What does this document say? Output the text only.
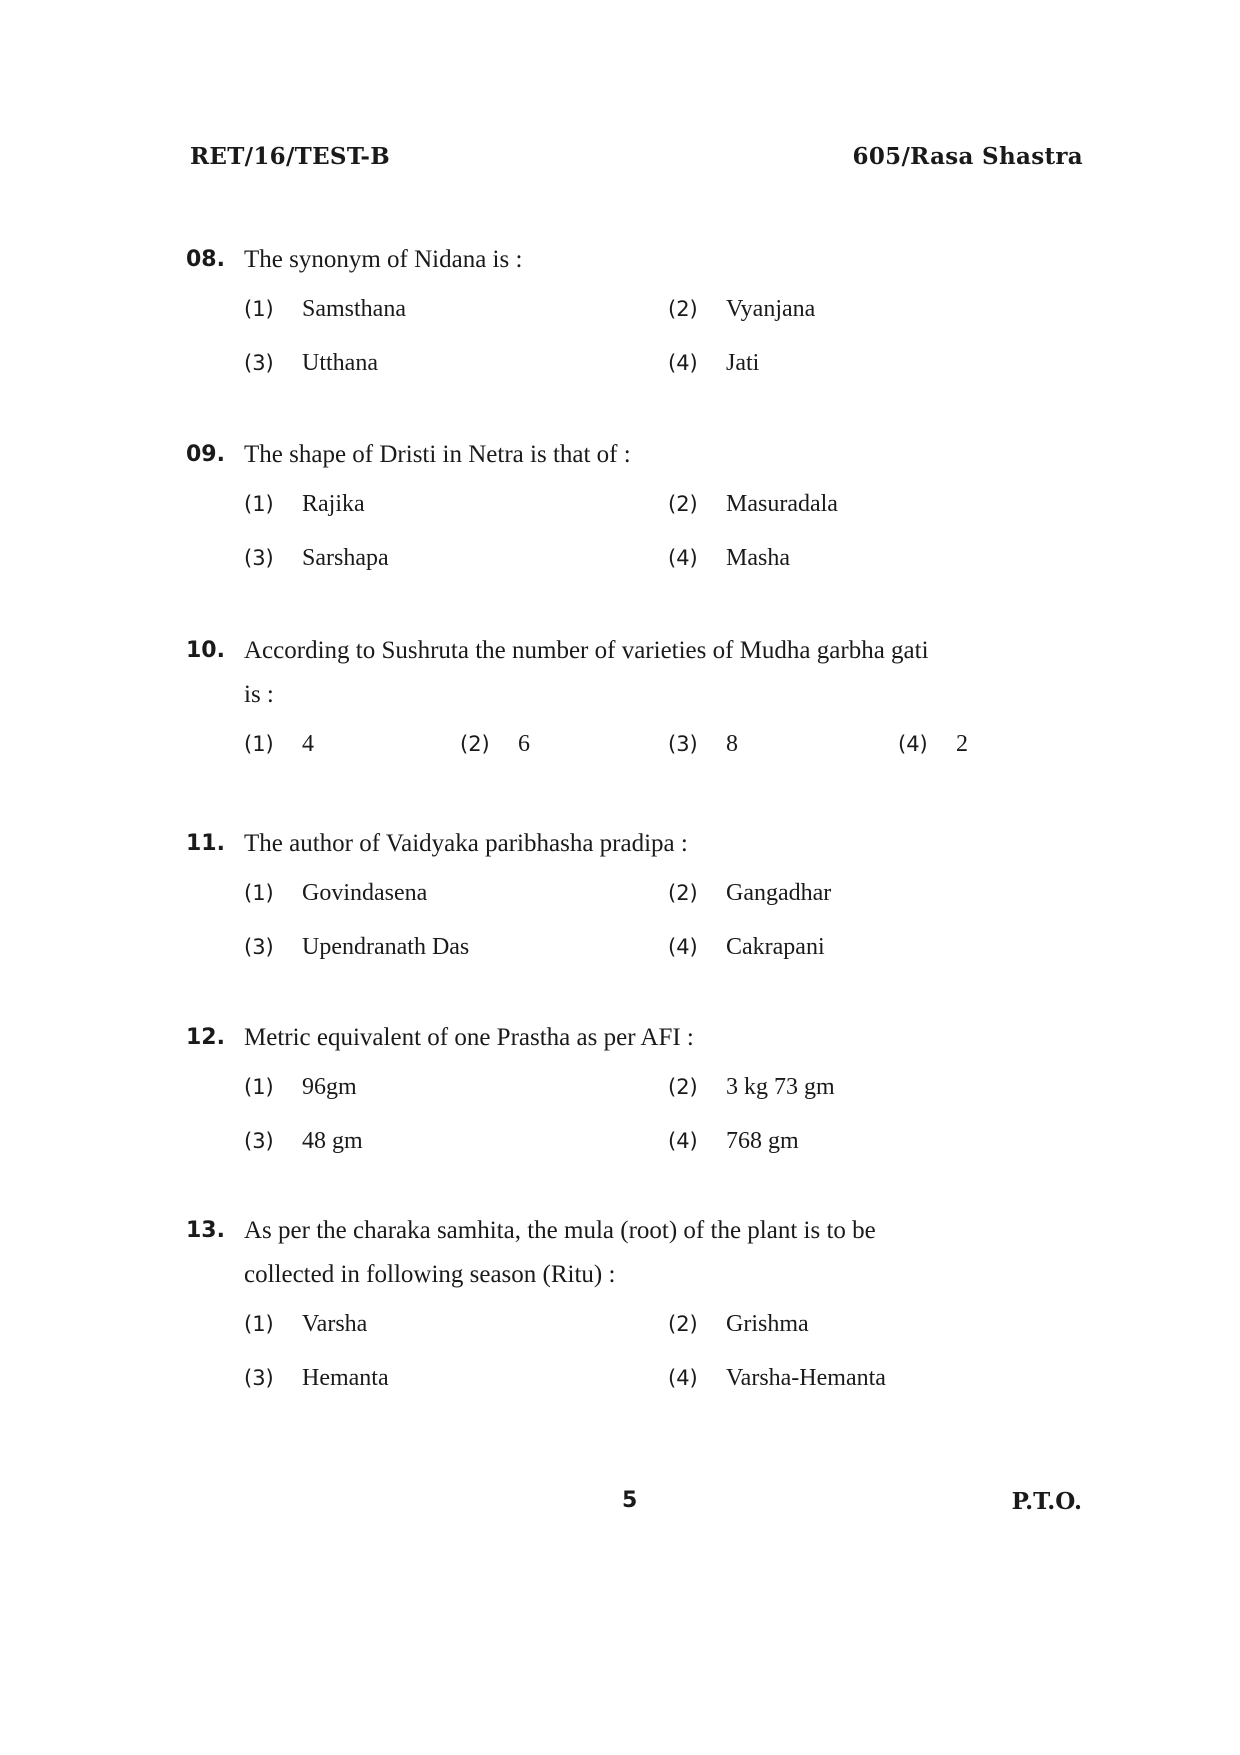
RET/16/TEST-B	605/Rasa Shastra
08. The synonym of Nidana is :
(1) Samsthana	(2) Vyanjana
(3) Utthana	(4) Jati
09. The shape of Dristi in Netra is that of :
(1) Rajika	(2) Masuradala
(3) Sarshapa	(4) Masha
10. According to Sushruta the number of varieties of Mudha garbha gati
is :
(1) 4	(2) 6	(3) 8	(4) 2
11. The author of Vaidyaka paribhasha pradipa :
(1) Govindasena	(2) Gangadhar
(3) Upendranath Das	(4) Cakrapani
12. Metric equivalent of one Prastha as per AFI :
(1) 96gm	(2) 3 kg 73 gm
(3) 48 gm	(4) 768 gm
13. As per the charaka samhita, the mula (root) of the plant is to be
collected in following season (Ritu) :
(1) Varsha	(2) Grishma
(3) Hemanta	(4) Varsha-Hemanta
5	P.T.O.
